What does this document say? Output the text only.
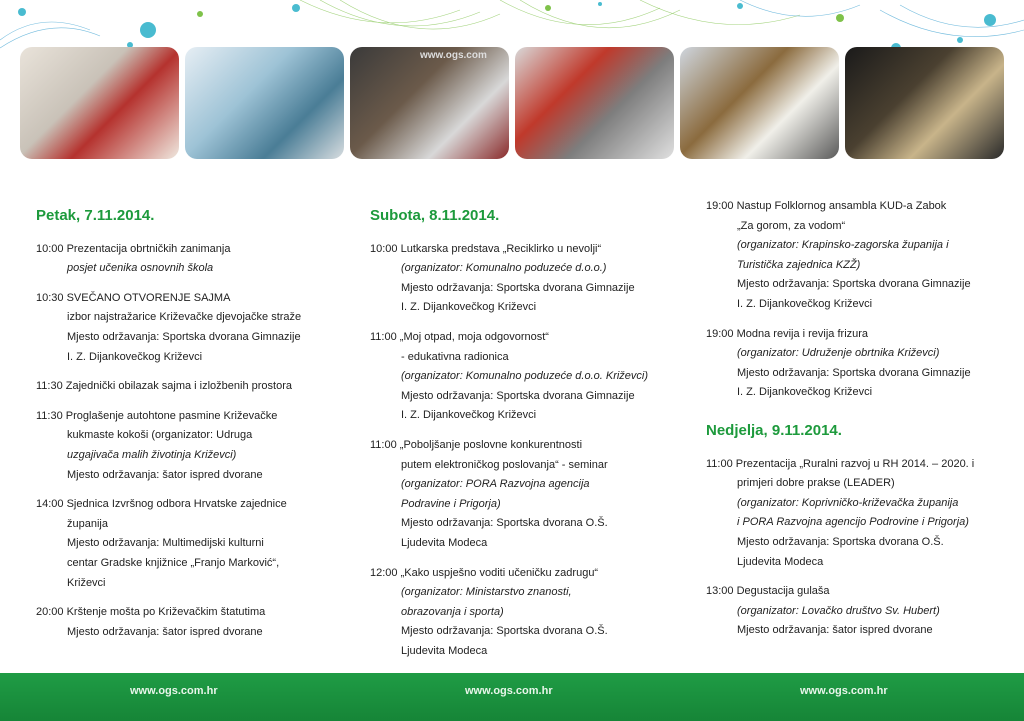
www.ogs.com
Petak, 7.11.2014.
10:00 Prezentacija obrtničkih zanimanja
posjet učenika osnovnih škola
10:30 SVEČANO OTVORENJE SAJMA
izbor najstražarice Križevačke djevojačke straže
Mjesto održavanja: Sportska dvorana Gimnazije
I. Z. Dijankovečkog Križevci
11:30 Zajednički obilazak sajma i izložbenih prostora
11:30 Proglašenje autohtone pasmine Križevačke
kukmaste kokoši (organizator: Udruga
uzgajivača malih životinja Križevci)
Mjesto održavanja: šator ispred dvorane
14:00 Sjednica Izvršnog odbora Hrvatske zajednice
županija
Mjesto održavanja: Multimedijski kulturni
centar Gradske knjižnice „Franjo Marković“,
Križevci
20:00 Krštenje mošta po Križevačkim štatutima
Mjesto održavanja: šator ispred dvorane
Subota, 8.11.2014.
10:00 Lutkarska predstava „Reciklirko u nevolji“
(organizator: Komunalno poduzeće d.o.o.)
Mjesto održavanja: Sportska dvorana Gimnazije
I. Z. Dijankovečkog Križevci
11:00 „Moj otpad, moja odgovornost“
- edukativna radionica
(organizator: Komunalno poduzeće d.o.o. Križevci)
Mjesto održavanja: Sportska dvorana Gimnazije
I. Z. Dijankovečkog Križevci
11:00 „Poboljšanje poslovne konkurentnosti
putem elektroničkog poslovanja“ - seminar
(organizator: PORA Razvojna agencija
Podravine i Prigorja)
Mjesto održavanja: Sportska dvorana O.Š.
Ljudevita Modeca
12:00 „Kako uspješno voditi učeničku zadrugu“
(organizator: Ministarstvo znanosti,
obrazovanja i sporta)
Mjesto održavanja: Sportska dvorana O.Š.
Ljudevita Modeca
19:00 Nastup Folklornog ansambla KUD-a Zabok
„Za gorom, za vodom“
(organizator: Krapinsko-zagorska županija i
Turistička zajednica KZŽ)
Mjesto održavanja: Sportska dvorana Gimnazije
I. Z. Dijankovečkog Križevci
19:00 Modna revija i revija frizura
(organizator: Udruženje obrtnika Križevci)
Mjesto održavanja: Sportska dvorana Gimnazije
I. Z. Dijankovečkog Križevci
Nedjelja, 9.11.2014.
11:00 Prezentacija „Ruralni razvoj u RH 2014. – 2020. i
primjeri dobre prakse (LEADER)
(organizator: Koprivničko-križevačka županija
i PORA Razvojna agencijo Podrovine i Prigorja)
Mjesto održavanja: Sportska dvorana O.Š.
Ljudevita Modeca
13:00 Degustacija gulaša
(organizator: Lovačko društvo Sv. Hubert)
Mjesto održavanja: šator ispred dvorane
www.ogs.com.hr	www.ogs.com.hr	www.ogs.com.hr
